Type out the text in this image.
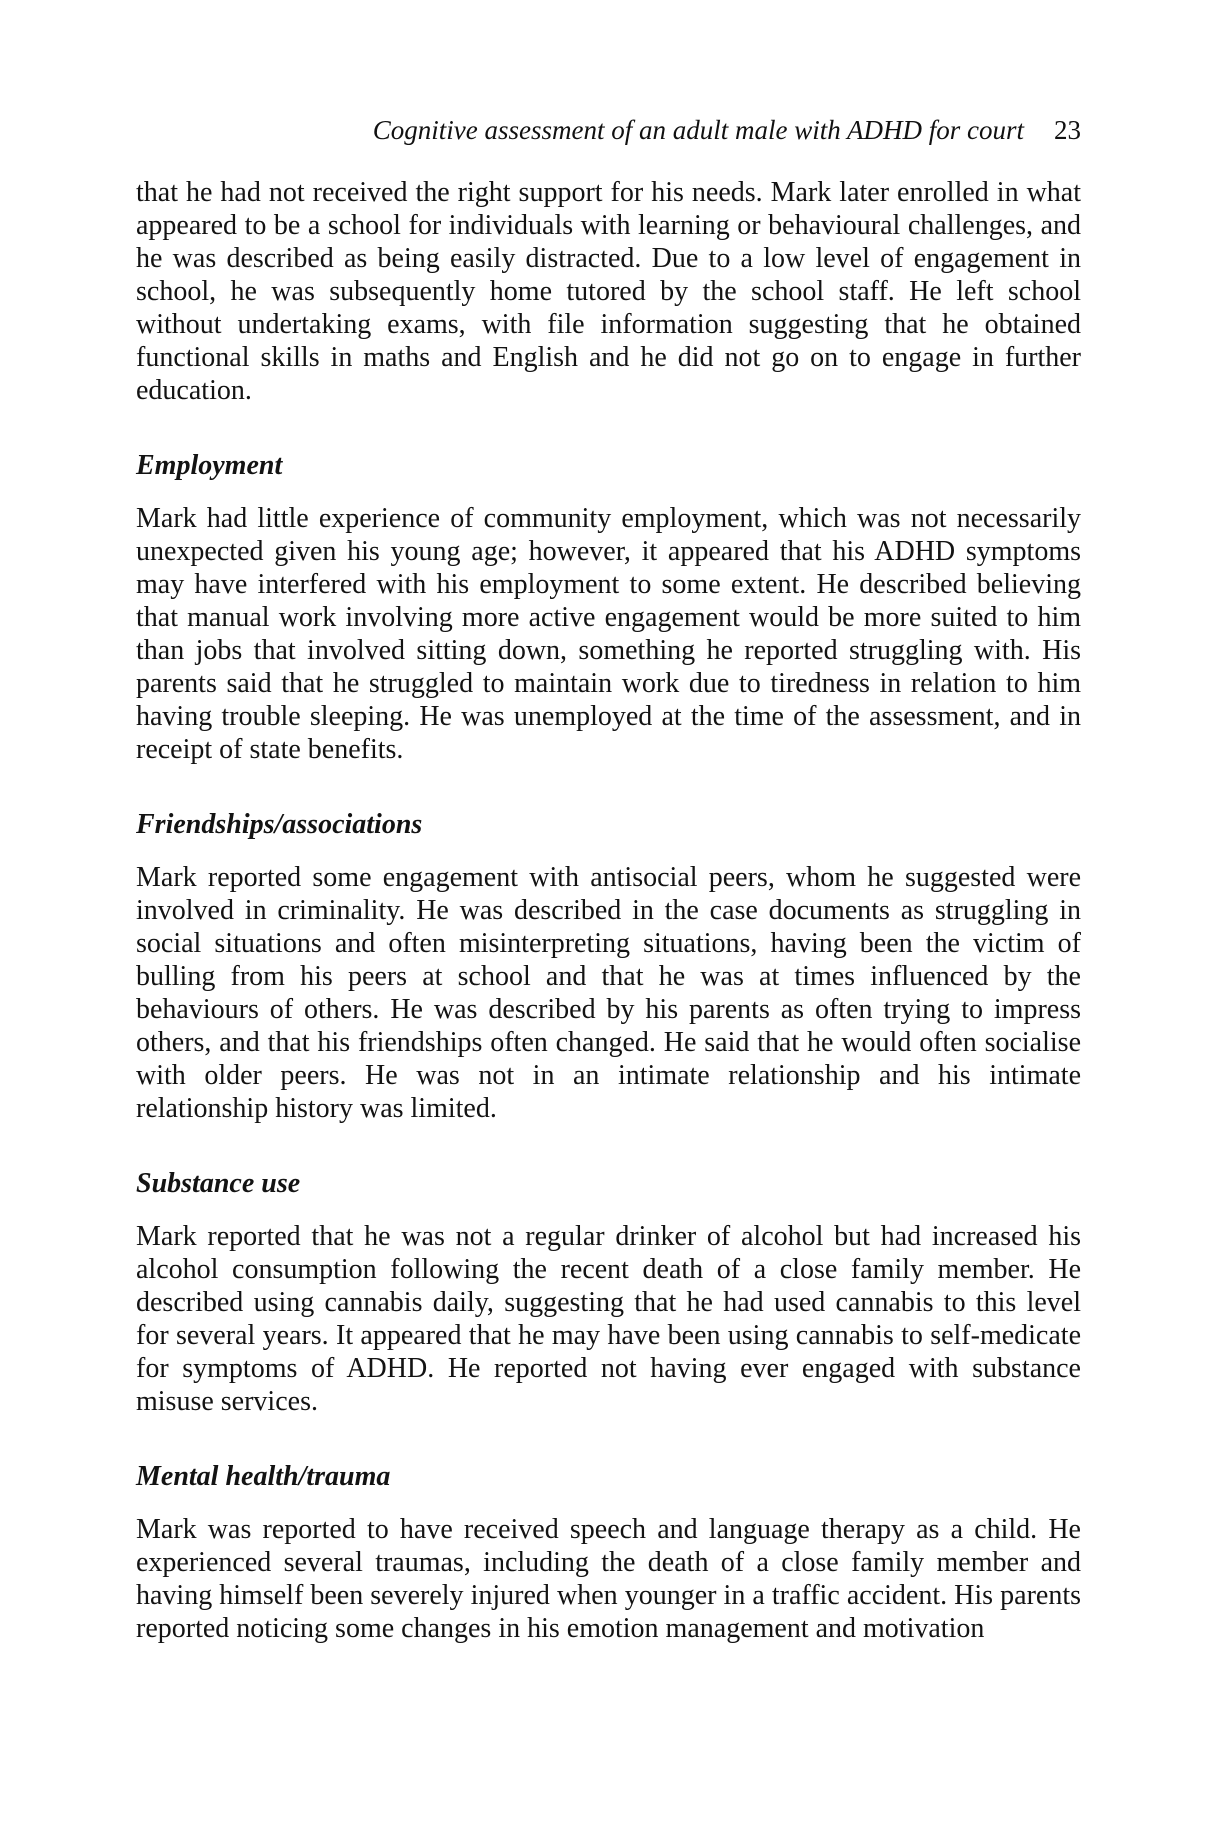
Cognitive assessment of an adult male with ADHD for court 23

that he had not received the right support for his needs. Mark later enrolled in what appeared to be a school for individuals with learning or behavioural challenges, and he was described as being easily distracted. Due to a low level of engagement in school, he was subsequently home tutored by the school staff. He left school without undertaking exams, with file information suggesting that he obtained functional skills in maths and English and he did not go on to engage in further education.

Employment

Mark had little experience of community employment, which was not necessarily unexpected given his young age; however, it appeared that his ADHD symptoms may have interfered with his employment to some extent. He described believing that manual work involving more active engagement would be more suited to him than jobs that involved sitting down, something he reported struggling with. His parents said that he struggled to maintain work due to tiredness in relation to him having trouble sleeping. He was unemployed at the time of the assessment, and in receipt of state benefits.

Friendships/associations

Mark reported some engagement with antisocial peers, whom he suggested were involved in criminality. He was described in the case documents as struggling in social situations and often misinterpreting situations, having been the victim of bulling from his peers at school and that he was at times influenced by the behaviours of others. He was described by his parents as often trying to impress others, and that his friendships often changed. He said that he would often socialise with older peers. He was not in an intimate relationship and his intimate relationship history was limited.

Substance use

Mark reported that he was not a regular drinker of alcohol but had increased his alcohol consumption following the recent death of a close family member. He described using cannabis daily, suggesting that he had used cannabis to this level for several years. It appeared that he may have been using cannabis to self-medicate for symptoms of ADHD. He reported not having ever engaged with substance misuse services.

Mental health/trauma

Mark was reported to have received speech and language therapy as a child. He experienced several traumas, including the death of a close family member and having himself been severely injured when younger in a traffic accident. His parents reported noticing some changes in his emotion management and motivation
